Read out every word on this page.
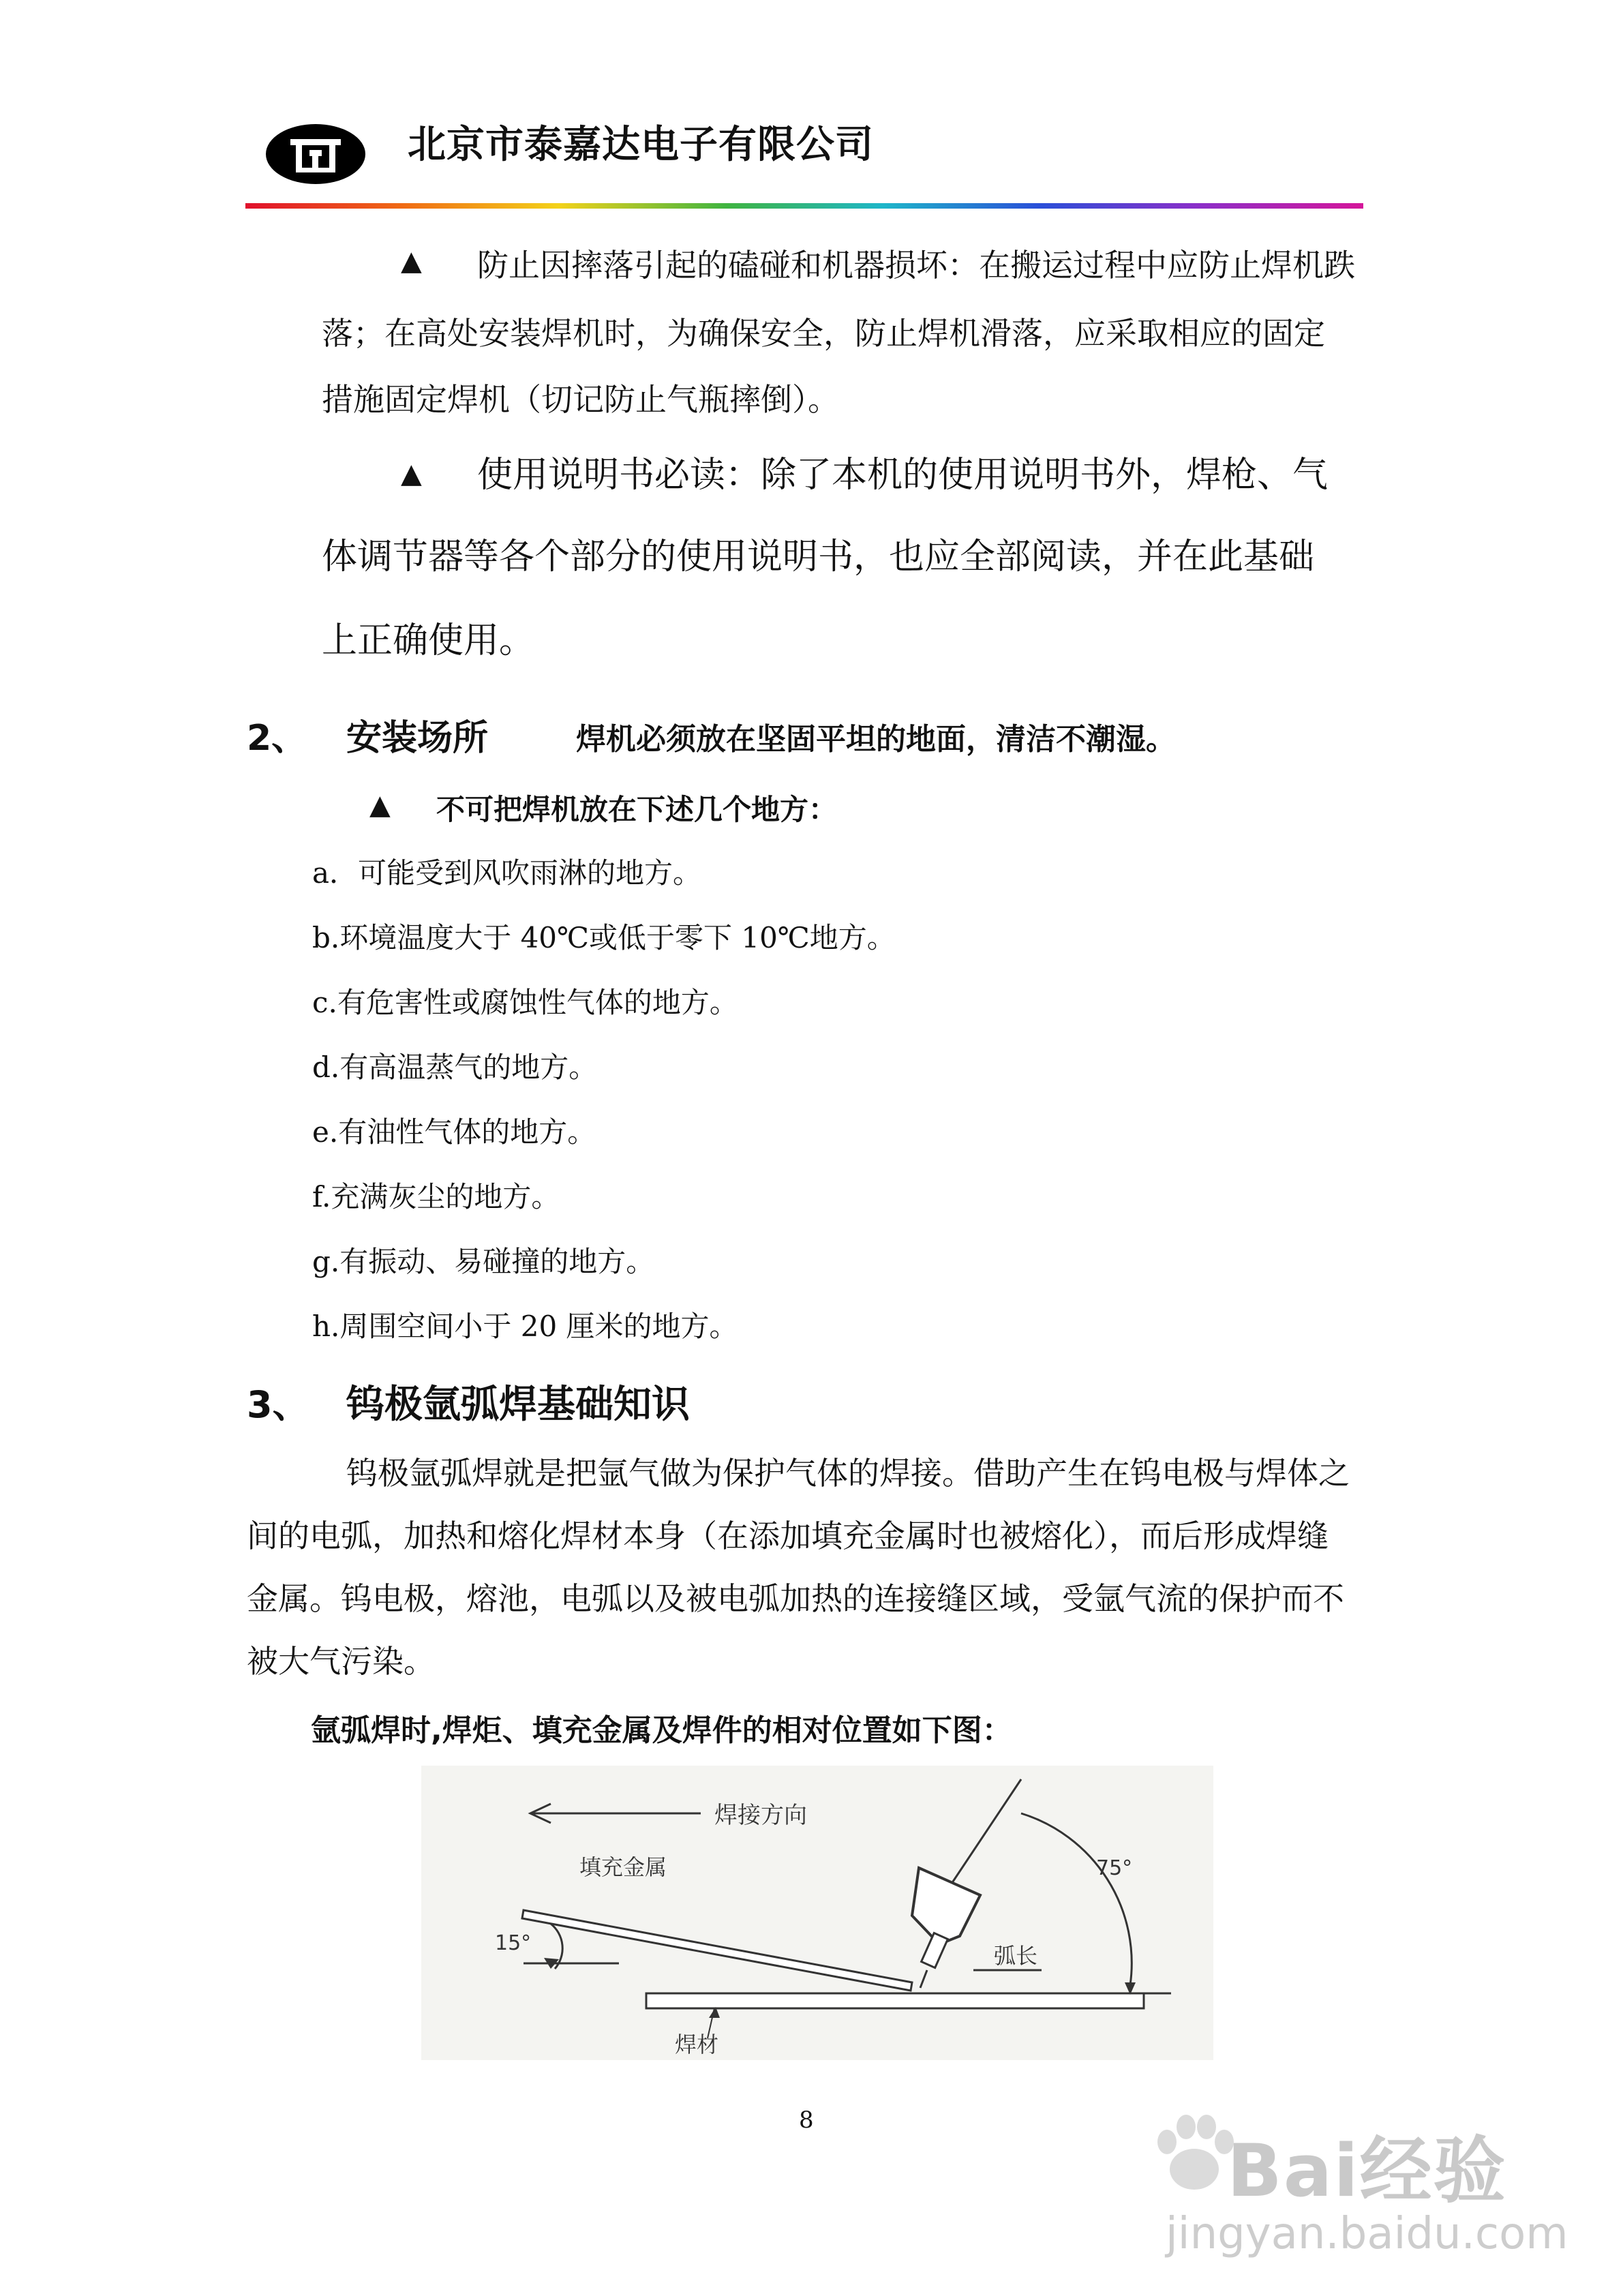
北京市泰嘉达电子有限公司
▲ 防止因摔落引起的磕碰和机器损坏：在搬运过程中应防止焊机跌
落；在高处安装焊机时，为确保安全，防止焊机滑落，应采取相应的固定
措施固定焊机（切记防止气瓶摔倒）。
▲ 使用说明书必读：除了本机的使用说明书外，焊枪、气
体调节器等各个部分的使用说明书，也应全部阅读，并在此基础
上正确使用。
2、 安装场所	焊机必须放在坚固平坦的地面，清洁不潮湿。
▲ 不可把焊机放在下述几个地方：
a．可能受到风吹雨淋的地方。
b.环境温度大于 40℃或低于零下 10℃地方。
c.有危害性或腐蚀性气体的地方。
d.有高温蒸气的地方。
e.有油性气体的地方。
f.充满灰尘的地方。
g.有振动、易碰撞的地方。
h.周围空间小于 20 厘米的地方。
3、 钨极氩弧焊基础知识
钨极氩弧焊就是把氩气做为保护气体的焊接。借助产生在钨电极与焊体之
间的电弧，加热和熔化焊材本身（在添加填充金属时也被熔化），而后形成焊缝
金属。钨电极，熔池，电弧以及被电弧加热的连接缝区域，受氩气流的保护而不
被大气污染。
氩弧焊时,焊炬、填充金属及焊件的相对位置如下图：
焊接方向
填充金属
15°
焊材
弧长
75°
8
Bai经验
jingyan.baidu.com
